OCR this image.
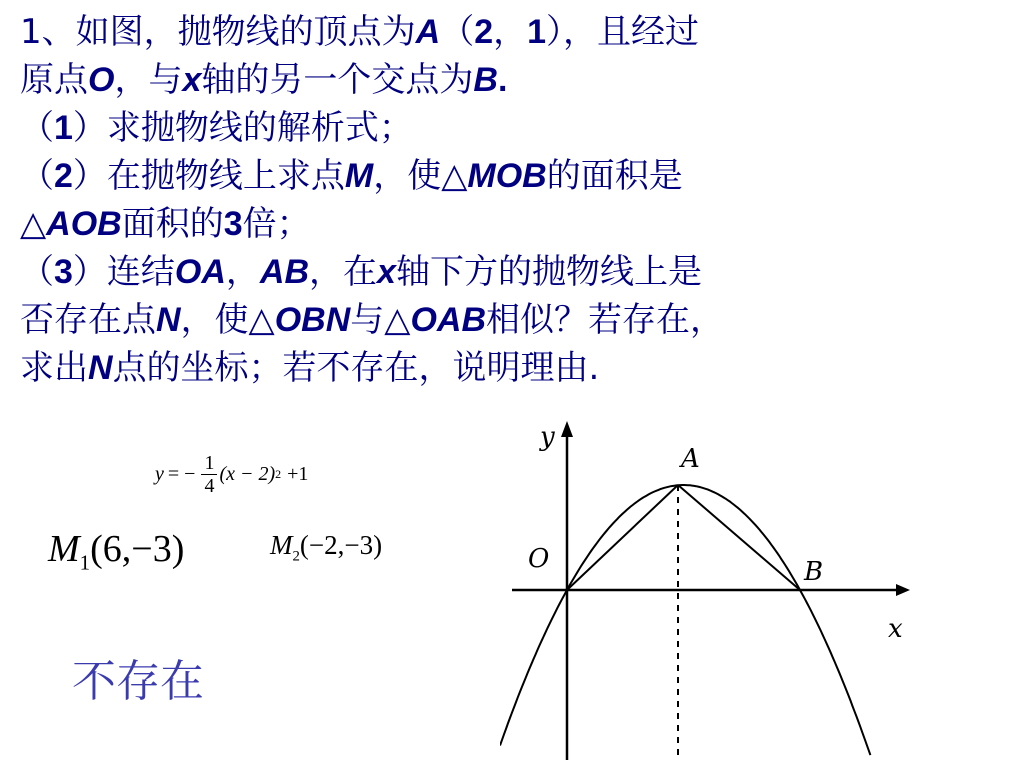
1、如图，抛物线的顶点为A（2，1），且经过
原点O，与x轴的另一个交点为B.
（1）求抛物线的解析式；
（2）在抛物线上求点M，使△MOB的面积是
△AOB面积的3倍；
（3）连结OA，AB，在x轴下方的抛物线上是
否存在点N，使△OBN与△OAB相似？若存在，
求出N点的坐标；若不存在，说明理由.
y = − $\frac{1}{4} (x - 2)$ 2 +1
$M_1(6,-3)$	$M_2(-2,-3)$
不存在
y
x
O
A
B
